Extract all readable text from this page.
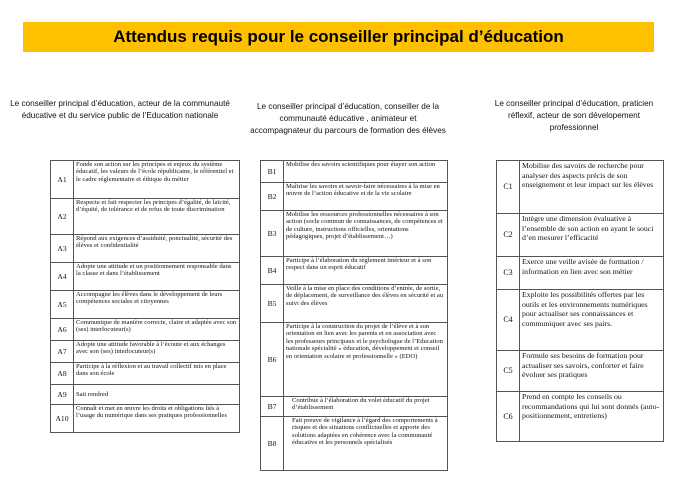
Attendus requis pour le conseiller principal d’éducation
Le conseiller principal d’éducation, acteur de la communauté éducative et du service public de l’Education nationale
Le conseiller principal d’éducation, conseiller de la communauté éducative , animateur et accompagnateur du parcours de formation des élèves
Le conseiller principal d’éducation, praticien réflexif, acteur de son dévelopement professionnel
A1	Fonde son action sur les principes et enjeux du système éducatif, les valeurs de l’école républicaine, le référentiel et le cadre réglementaire et éthique du métier
A2	Respecte et fait respecter les principes d’égalité, de laïcité, d’équité, de tolérance et de refus de toute discrimination
A3	Répond aux exigences d’assiduité, ponctualité, sécurité des élèves et confidentialité
A4	Adopte une attitude et un positionnement responsable dans la classe et dans l’établissement
A5	Accompagne les élèves dans le développement de leurs compétences sociales et citoyennes
A6	Communique de manière correcte, claire et adaptée avec son (ses) interlocuteur(s)
A7	Adopte une attitude favorable à l’écoute et aux échanges avec son (ses) interlocuteur(s)
A8	Participe à la réflexion et au travail collectif mis en place dans son école
A9	Sait rendred
A10	Connaît et met en œuvre les droits et obligations liés à l’usage du numérique dans ses pratiques professionnelles
B1	Mobilise des savoirs scientifiques pour étayer son action
B2	Maîtrise les savoirs et savoir-faire nécessaires à la mise en œuvre de l’action éducative et de la vie scolaire
B3	Mobilise les ressources professionnelles nécessaires à son action (socle commun de connaissances, de compétences et de culture, instructions officielles, orientations pédagogiques, projet d’établissement…)
B4	Participe à l’élaboration du règlement intérieur et à son respect dans un esprit éducatif
B5	Veille à la mise en place des conditions d’entrée, de sortie, de déplacement, de surveillance des élèves en sécurité et au suivi des élèves
B6	Participe à la construction du projet de l’élève et à son orientation en lien avec les parents et en association avec les professeurs principaux et le psychologue de l’Education nationale spécialité « éducation, développement et conseil en orientation scolaire et professionnelle » (EDO)
B7	Contribue à l’élaboration du volet éducatif du projet d’établissement
B8	Fait preuve de vigilance à l’égard des comportements à risques et des situations conflictuelles et apporte des solutions adaptées en cohérence avec la communauté éducative et les personnels spécialisés
C1	Mobilise des savoirs de recherche pour analyser des aspects précis de son enseignement et leur impact sur les élèves
C2	Intègre une dimension évaluative à l’ensemble de son action en ayant le souci d’en mesurer l’efficacité
C3	Exerce une veille avisée de formation / information en lien avec son métier
C4	Exploite les possibilités offertes par les outils et les environnements numériques pour actualiser ses connaissances et communiquer avec ses pairs.
C5	Formule ses besoins de formation pour actualiser ses savoirs, conforter et faire évoluer ses pratiques
C6	Prend en compte les conseils ou recommandations qui lui sont donnés (auto-positionnement, entretiens)
